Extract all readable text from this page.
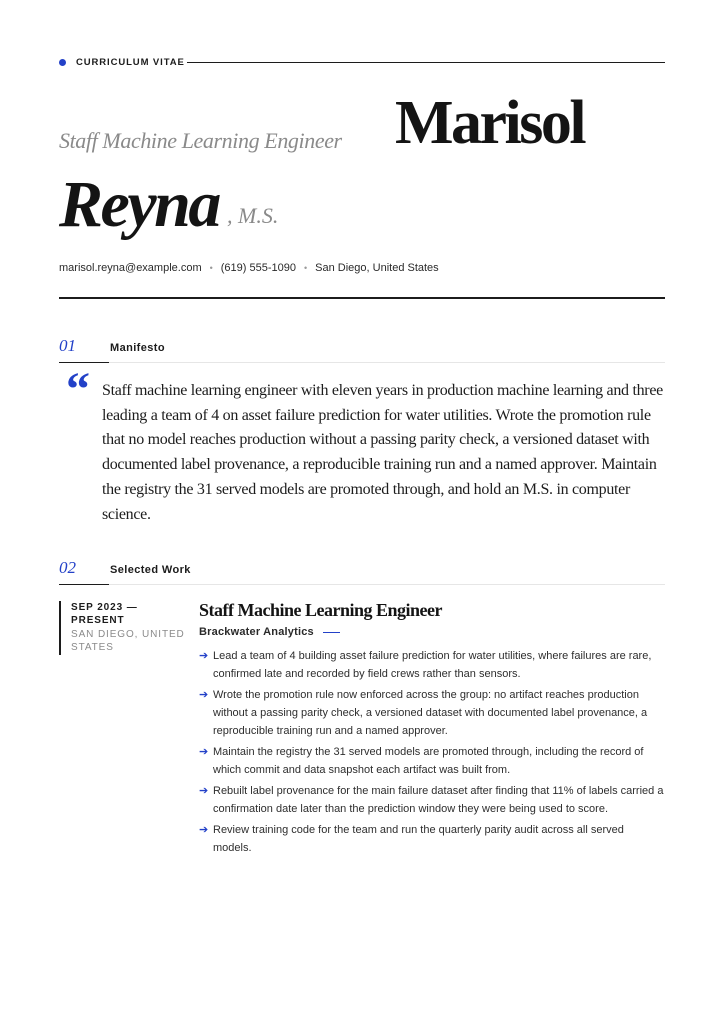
CURRICULUM VITAE
Staff Machine Learning Engineer Marisol
Reyna , M.S.
marisol.reyna@example.com • (619) 555-1090 • San Diego, United States
01	Manifesto
“ Staff machine learning engineer with eleven years in production machine learning and three leading a team of 4 on asset failure prediction for water utilities. Wrote the promotion rule that no model reaches production without a passing parity check, a versioned dataset with documented label provenance, a reproducible training run and a named approver. Maintain the registry the 31 served models are promoted through, and hold an M.S. in computer science.
02	Selected Work
SEP 2023 — PRESENT
SAN DIEGO, UNITED STATES
Staff Machine Learning Engineer
Brackwater Analytics
➔ Lead a team of 4 building asset failure prediction for water utilities, where failures are rare, confirmed late and recorded by field crews rather than sensors.
➔ Wrote the promotion rule now enforced across the group: no artifact reaches production without a passing parity check, a versioned dataset with documented label provenance, a reproducible training run and a named approver.
➔ Maintain the registry the 31 served models are promoted through, including the record of which commit and data snapshot each artifact was built from.
➔ Rebuilt label provenance for the main failure dataset after finding that 11% of labels carried a confirmation date later than the prediction window they were being used to score.
➔ Review training code for the team and run the quarterly parity audit across all served models.
